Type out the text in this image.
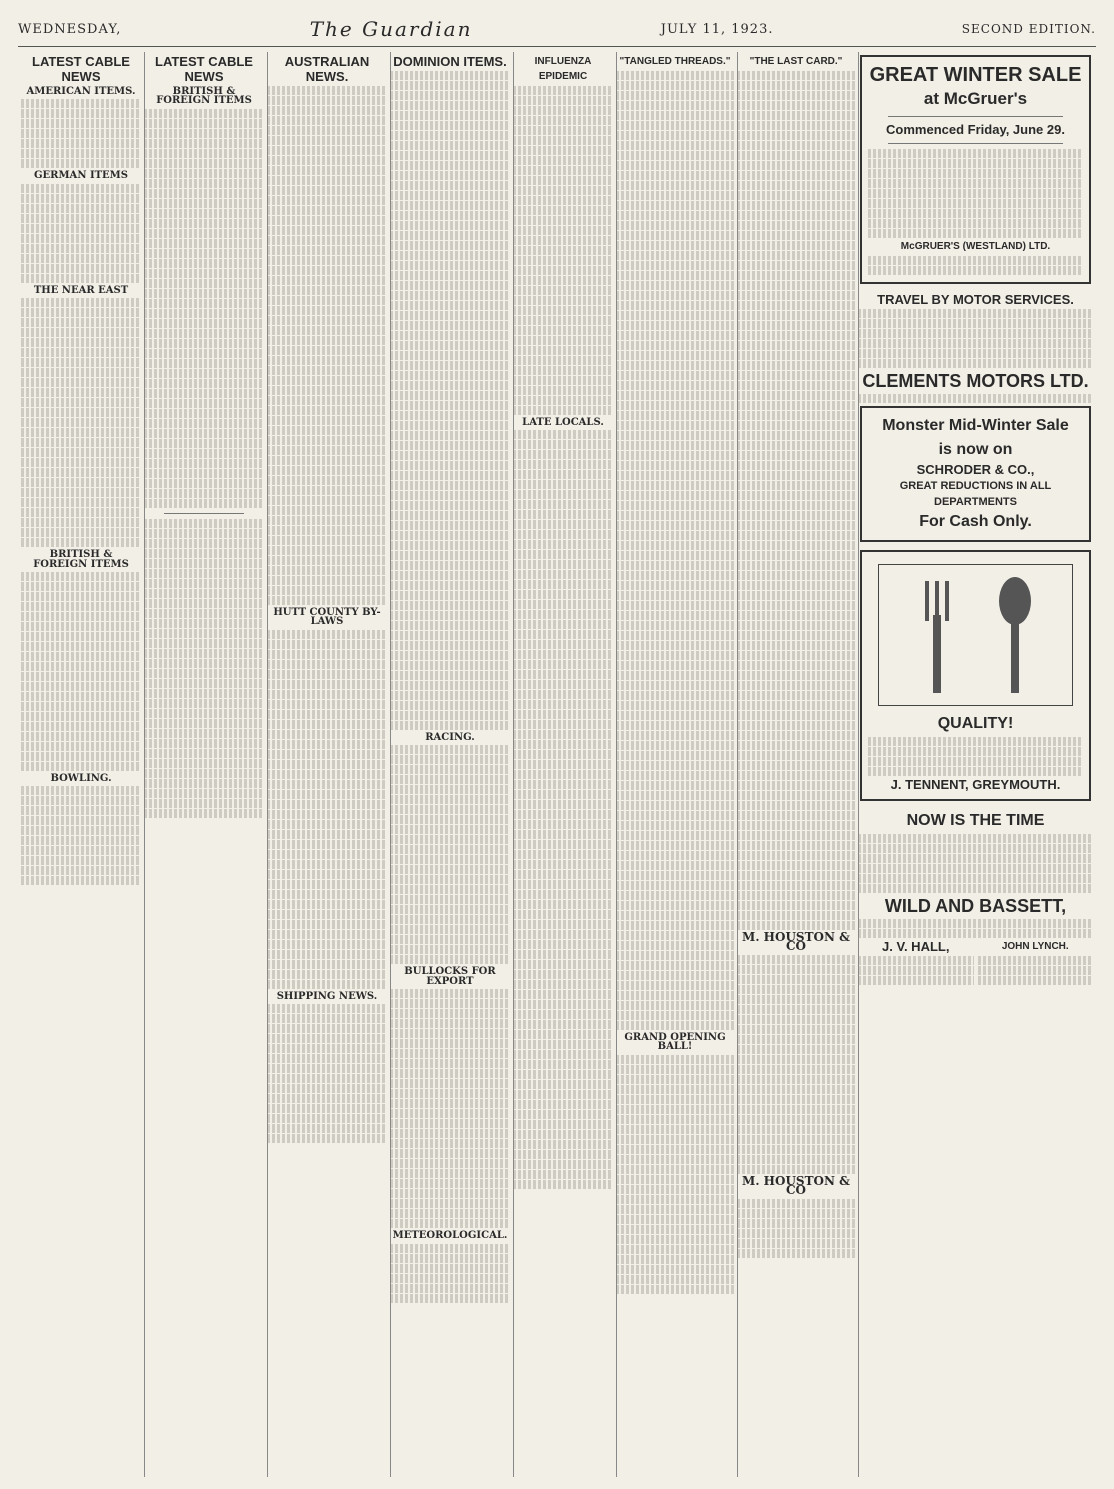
WEDNESDAY,	The Guardian	JULY 11, 1923.	SECOND EDITION.
LATEST CABLE NEWS
AMERICAN ITEMS.
GERMAN ITEMS
THE NEAR EAST
BRITISH & FOREIGN ITEMS
BOWLING.
LATEST CABLE NEWS
BRITISH & FOREIGN ITEMS
AUSTRALIAN NEWS.
HUTT COUNTY BY-LAWS
SHIPPING NEWS.
DOMINION ITEMS.
RACING.
BULLOCKS FOR EXPORT
METEOROLOGICAL.
INFLUENZA EPIDEMIC
LATE LOCALS.
"TANGLED THREADS."
GRAND OPENING BALL!
"THE LAST CARD."
M. HOUSTON & CO
M. HOUSTON & CO
GREAT WINTER SALE
at McGruer's
Commenced Friday, June 29.
McGRUER'S (WESTLAND) LTD.
TRAVEL BY MOTOR SERVICES.
CLEMENTS MOTORS LTD.
Monster Mid-Winter Sale
is now on
SCHRODER & CO.,
GREAT REDUCTIONS IN ALL DEPARTMENTS
For Cash Only.
QUALITY!
J. TENNENT, GREYMOUTH.
NOW IS THE TIME
WILD AND BASSETT,
J. V. HALL,	JOHN LYNCH.
